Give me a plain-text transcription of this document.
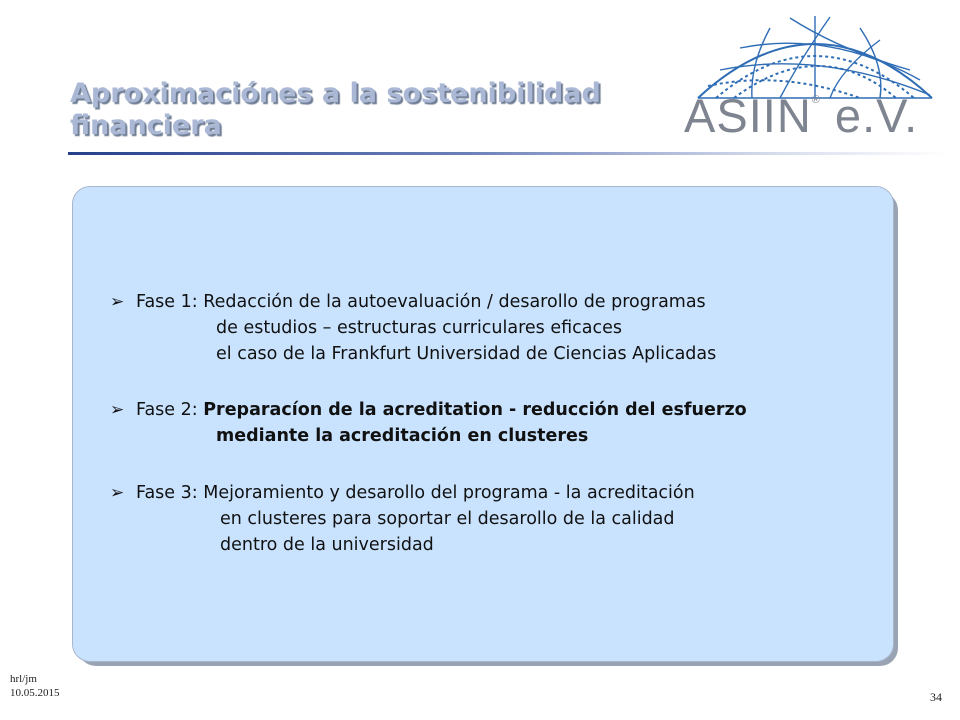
Aproximaciónes a la sostenibilidad
financiera	ASIIN® e.V.
➢ Fase 1: Redacción de la autoevaluación / desarollo de programas
de estudios – estructuras curriculares eficaces
el caso de la Frankfurt Universidad de Ciencias Aplicadas
➢ Fase 2: Preparacíon de la acreditation - reducción del esfuerzo
mediante la acreditación en clusteres
➢ Fase 3: Mejoramiento y desarollo del programa - la acreditación
en clusteres para soportar el desarollo de la calidad
dentro de la universidad
hrl/jm
10.05.2015	34
